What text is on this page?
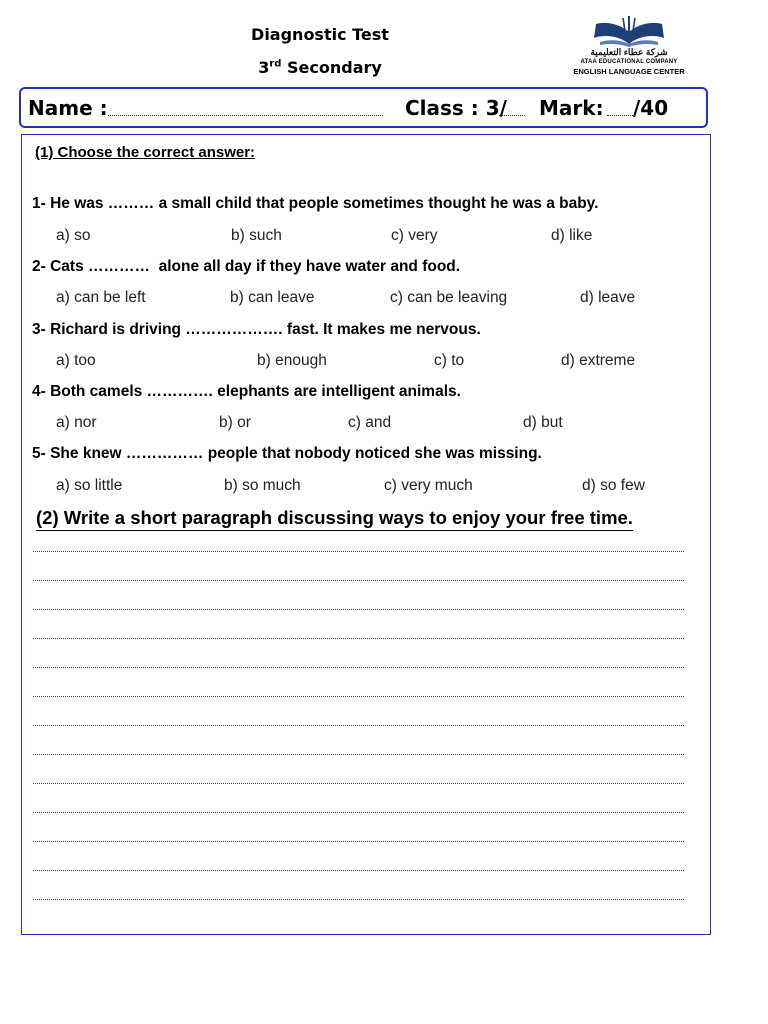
Diagnostic Test
3rd Secondary
شركة عطاء التعليمية
ATAA EDUCATIONAL COMPANY
ENGLISH LANGUAGE CENTER
Name :	Class : 3/ Mark: /40
(1) Choose the correct answer:
1- He was ……… a small child that people sometimes thought he was a baby.
a) so	b) such	c) very	d) like
2- Cats …………  alone all day if they have water and food.
a) can be left	b) can leave	c) can be leaving	d) leave
3- Richard is driving ………………. fast. It makes me nervous.
a) too	b) enough	c) to	d) extreme
4- Both camels …………. elephants are intelligent animals.
a) nor	b) or	c) and	d) but
5- She knew …………… people that nobody noticed she was missing.
a) so little	b) so much	c) very much	d) so few
(2) Write a short paragraph discussing ways to enjoy your free time.
